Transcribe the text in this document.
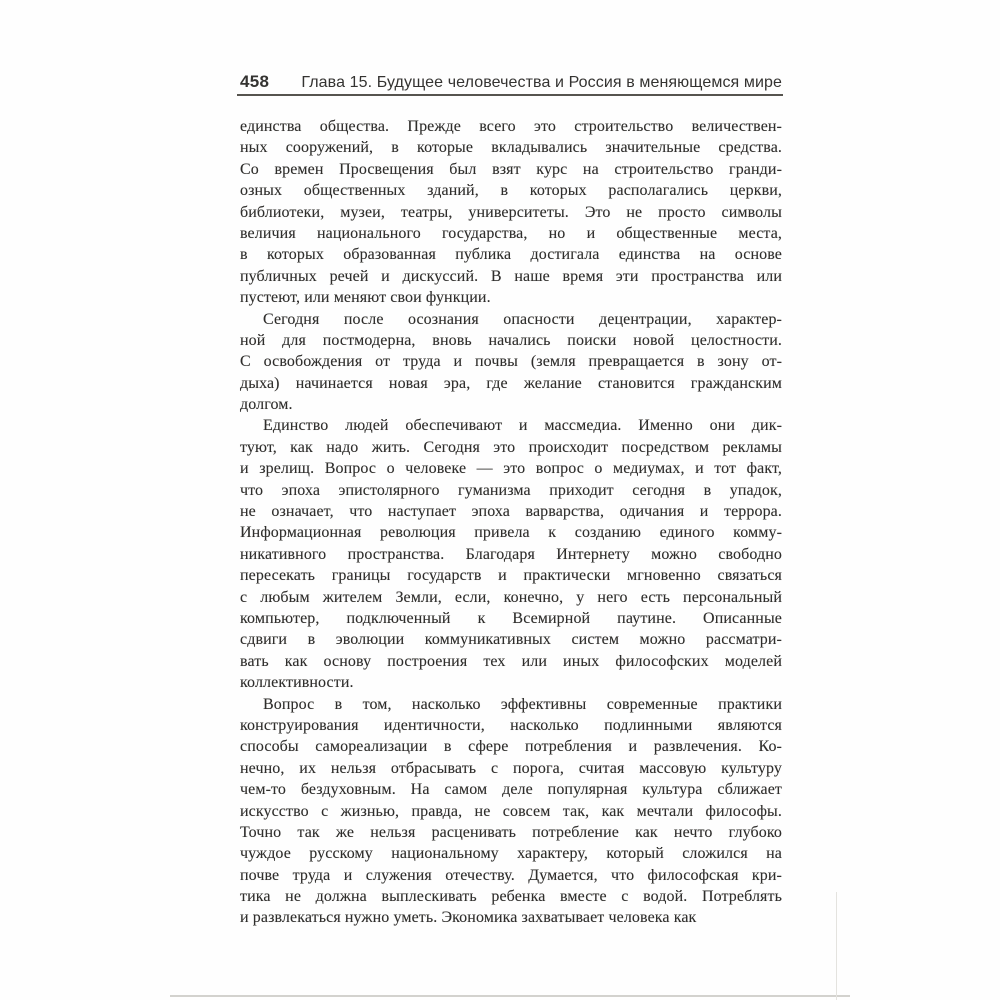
458 Глава 15. Будущее человечества и Россия в меняющемся мире
единства общества. Прежде всего это строительство величествен-
ных сооружений, в которые вкладывались значительные средства.
Со времен Просвещения был взят курс на строительство гранди-
озных общественных зданий, в которых располагались церкви,
библиотеки, музеи, театры, университеты. Это не просто символы
величия национального государства, но и общественные места,
в которых образованная публика достигала единства на основе
публичных речей и дискуссий. В наше время эти пространства или
пустеют, или меняют свои функции.
Сегодня после осознания опасности децентрации, характер-
ной для постмодерна, вновь начались поиски новой целостности.
С освобождения от труда и почвы (земля превращается в зону от-
дыха) начинается новая эра, где желание становится гражданским
долгом.
Единство людей обеспечивают и массмедиа. Именно они дик-
туют, как надо жить. Сегодня это происходит посредством рекламы
и зрелищ. Вопрос о человеке — это вопрос о медиумах, и тот факт,
что эпоха эпистолярного гуманизма приходит сегодня в упадок,
не означает, что наступает эпоха варварства, одичания и террора.
Информационная революция привела к созданию единого комму-
никативного пространства. Благодаря Интернету можно свободно
пересекать границы государств и практически мгновенно связаться
с любым жителем Земли, если, конечно, у него есть персональный
компьютер, подключенный к Всемирной паутине. Описанные
сдвиги в эволюции коммуникативных систем можно рассматри-
вать как основу построения тех или иных философских моделей
коллективности.
Вопрос в том, насколько эффективны современные практики
конструирования идентичности, насколько подлинными являются
способы самореализации в сфере потребления и развлечения. Ко-
нечно, их нельзя отбрасывать с порога, считая массовую культуру
чем-то бездуховным. На самом деле популярная культура сближает
искусство с жизнью, правда, не совсем так, как мечтали философы.
Точно так же нельзя расценивать потребление как нечто глубоко
чуждое русскому национальному характеру, который сложился на
почве труда и служения отечеству. Думается, что философская кри-
тика не должна выплескивать ребенка вместе с водой. Потреблять
и развлекаться нужно уметь. Экономика захватывает человека как
